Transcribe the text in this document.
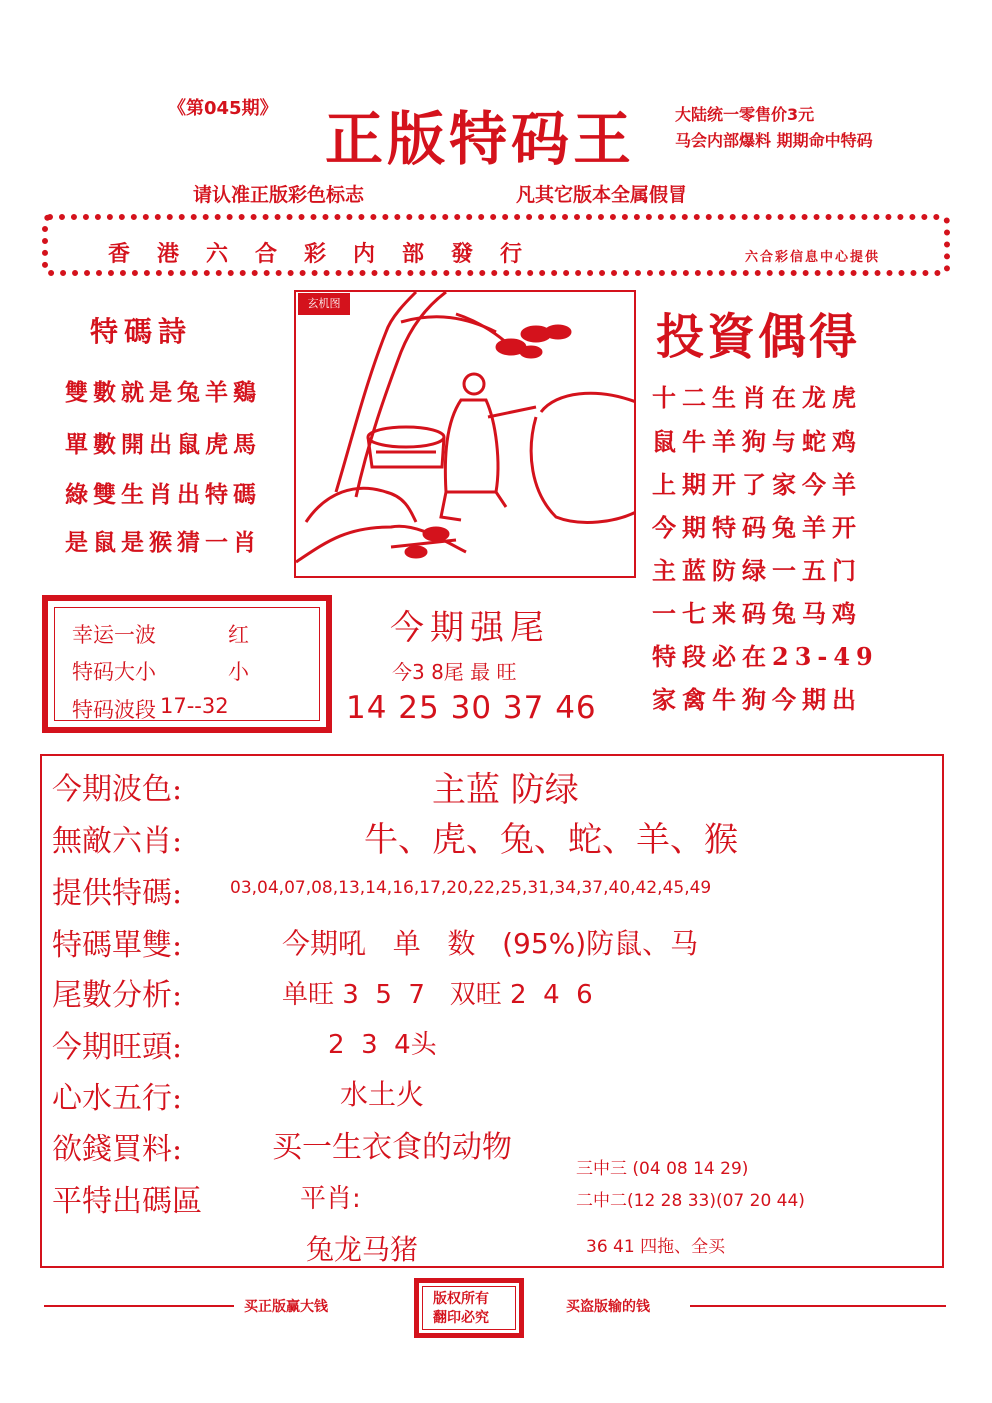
《第045期》 正版特码王 大陆统一零售价3元
马会内部爆料 期期命中特码
请认准正版彩色标志	凡其它版本全属假冒
香港六合彩内部發行	六合彩信息中心提供
特碼詩
雙數就是兔羊鷄
單數開出鼠虎馬
綠雙生肖出特碼
是鼠是猴猜一肖
玄机图
投資偶得
十二生肖在龙虎
鼠牛羊狗与蛇鸡
上期开了家今羊
今期特码兔羊开
主蓝防绿一五门
一七来码兔马鸡
特段必在23-49
家禽牛狗今期出
幸运一波	红
特码大小	小
特码波段 17--32
今期强尾
今3 8尾 最 旺
14 25 30 37 46
今期波色:	主蓝 防绿
無敵六肖:	牛、虎、兔、蛇、羊、猴
提供特碼:	03,04,07,08,13,14,16,17,20,22,25,31,34,37,40,42,45,49
特碼單雙:	今期吼   单   数   (95%)防鼠、马
尾數分析:	单旺 3  5  7   双旺 2  4  6
今期旺頭:	2  3  4头
心水五行:	水土火
欲錢買料:	买一生衣食的动物
平特出碼區	平肖:
兔龙马猪
三中三 (04 08 14 29)
二中二(12 28 33)(07 20 44)
36 41 四拖、全买
买正版赢大钱	版权所有
翻印必究
买盗版输的钱
